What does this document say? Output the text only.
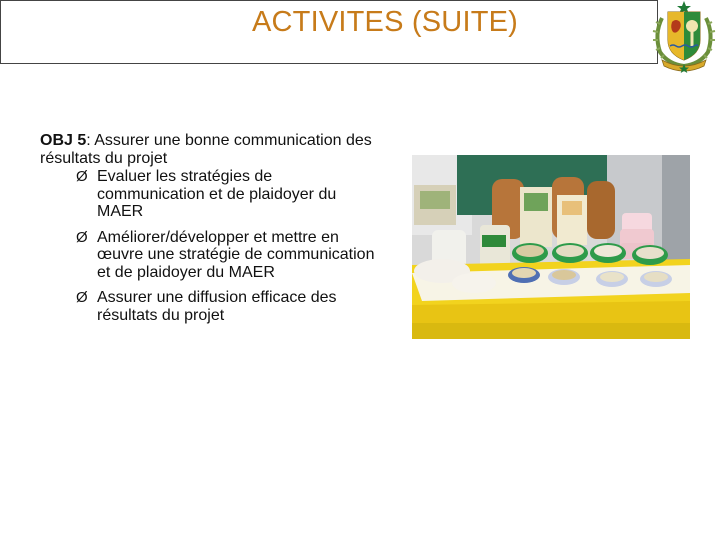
ACTIVITES (SUITE)

OBJ 5: Assurer une bonne communication des résultats du projet

Ø Evaluer les stratégies de communication et de plaidoyer du MAER
Ø Améliorer/développer et mettre en œuvre une stratégie de communication et de plaidoyer du MAER
Ø Assurer une diffusion efficace des résultats du projet
